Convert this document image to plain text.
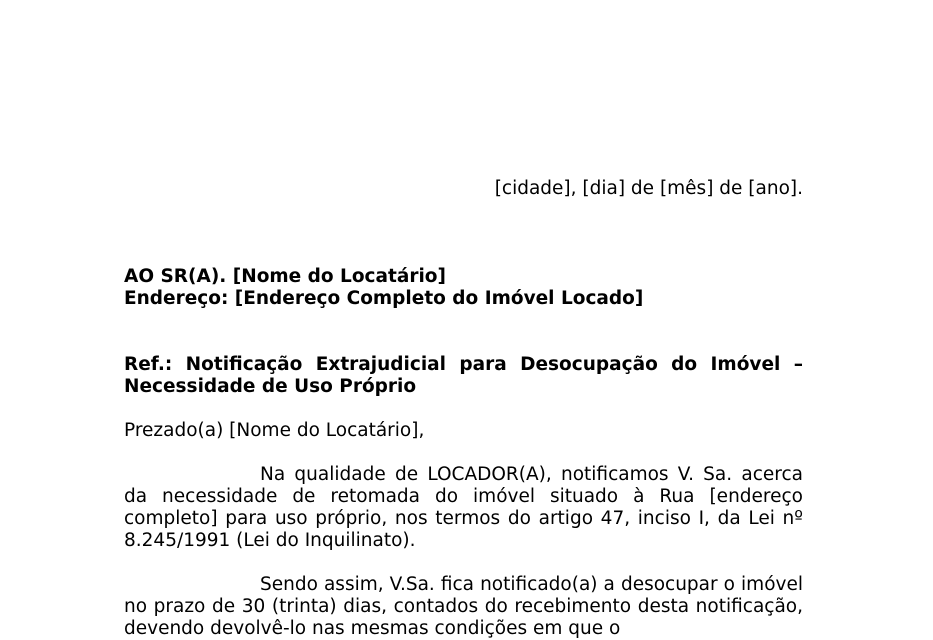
[cidade], [dia] de [mês] de [ano].
AO SR(A). [Nome do Locatário]
Endereço: [Endereço Completo do Imóvel Locado]
Ref.: Notificação Extrajudicial para Desocupação do Imóvel –
Necessidade de Uso Próprio
Prezado(a) [Nome do Locatário],

Na qualidade de LOCADOR(A), notificamos V. Sa. acerca da necessidade de retomada do imóvel situado à Rua [endereço completo] para uso próprio, nos termos do artigo 47, inciso I, da Lei nº 8.245/1991 (Lei do Inquilinato).

Sendo assim, V.Sa. fica notificado(a) a desocupar o imóvel no prazo de 30 (trinta) dias, contados do recebimento desta notificação, devendo devolvê-lo nas mesmas condições em que o
